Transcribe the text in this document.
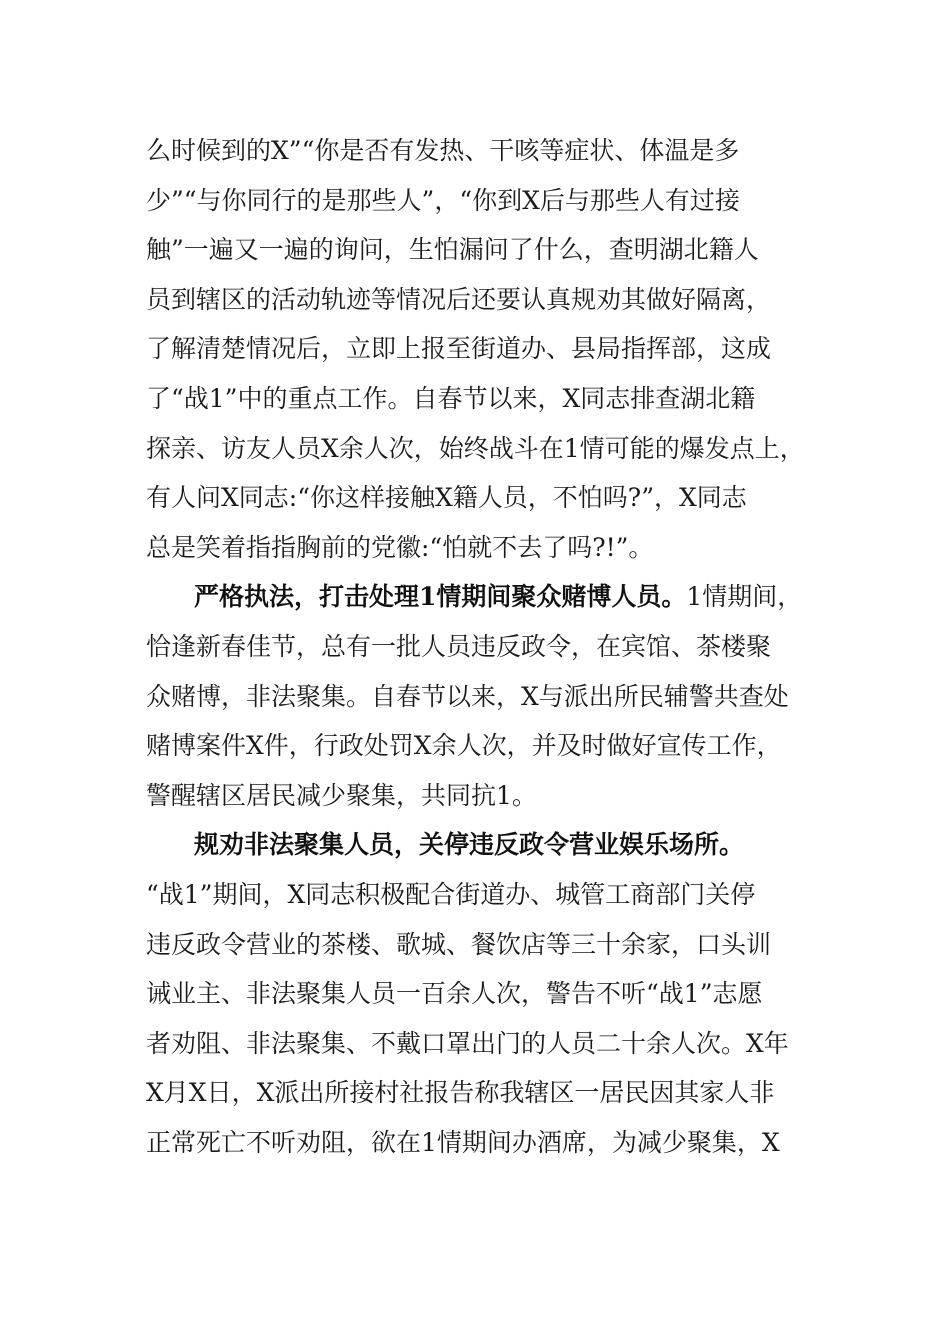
么时候到的X”“你是否有发热、干咳等症状、体温是多
少”“与你同行的是那些人”，“你到X后与那些人有过接
触”一遍又一遍的询问，生怕漏问了什么，查明湖北籍人
员到辖区的活动轨迹等情况后还要认真规劝其做好隔离，
了解清楚情况后，立即上报至街道办、县局指挥部，这成
了“战1”中的重点工作。自春节以来，X同志排查湖北籍
探亲、访友人员X余人次，始终战斗在1情可能的爆发点上，
有人问X同志:“你这样接触X籍人员，不怕吗?”，X同志
总是笑着指指胸前的党徽:“怕就不去了吗?!”。
严格执法，打击处理1情期间聚众赌博人员。1情期间，
恰逢新春佳节，总有一批人员违反政令，在宾馆、茶楼聚
众赌博，非法聚集。自春节以来，X与派出所民辅警共查处
赌博案件X件，行政处罚X余人次，并及时做好宣传工作，
警醒辖区居民减少聚集，共同抗1。
规劝非法聚集人员，关停违反政令营业娱乐场所。
“战1”期间，X同志积极配合街道办、城管工商部门关停
违反政令营业的茶楼、歌城、餐饮店等三十余家，口头训
诫业主、非法聚集人员一百余人次，警告不听“战1”志愿
者劝阻、非法聚集、不戴口罩出门的人员二十余人次。X年
X月X日，X派出所接村社报告称我辖区一居民因其家人非
正常死亡不听劝阻，欲在1情期间办酒席，为减少聚集，X
